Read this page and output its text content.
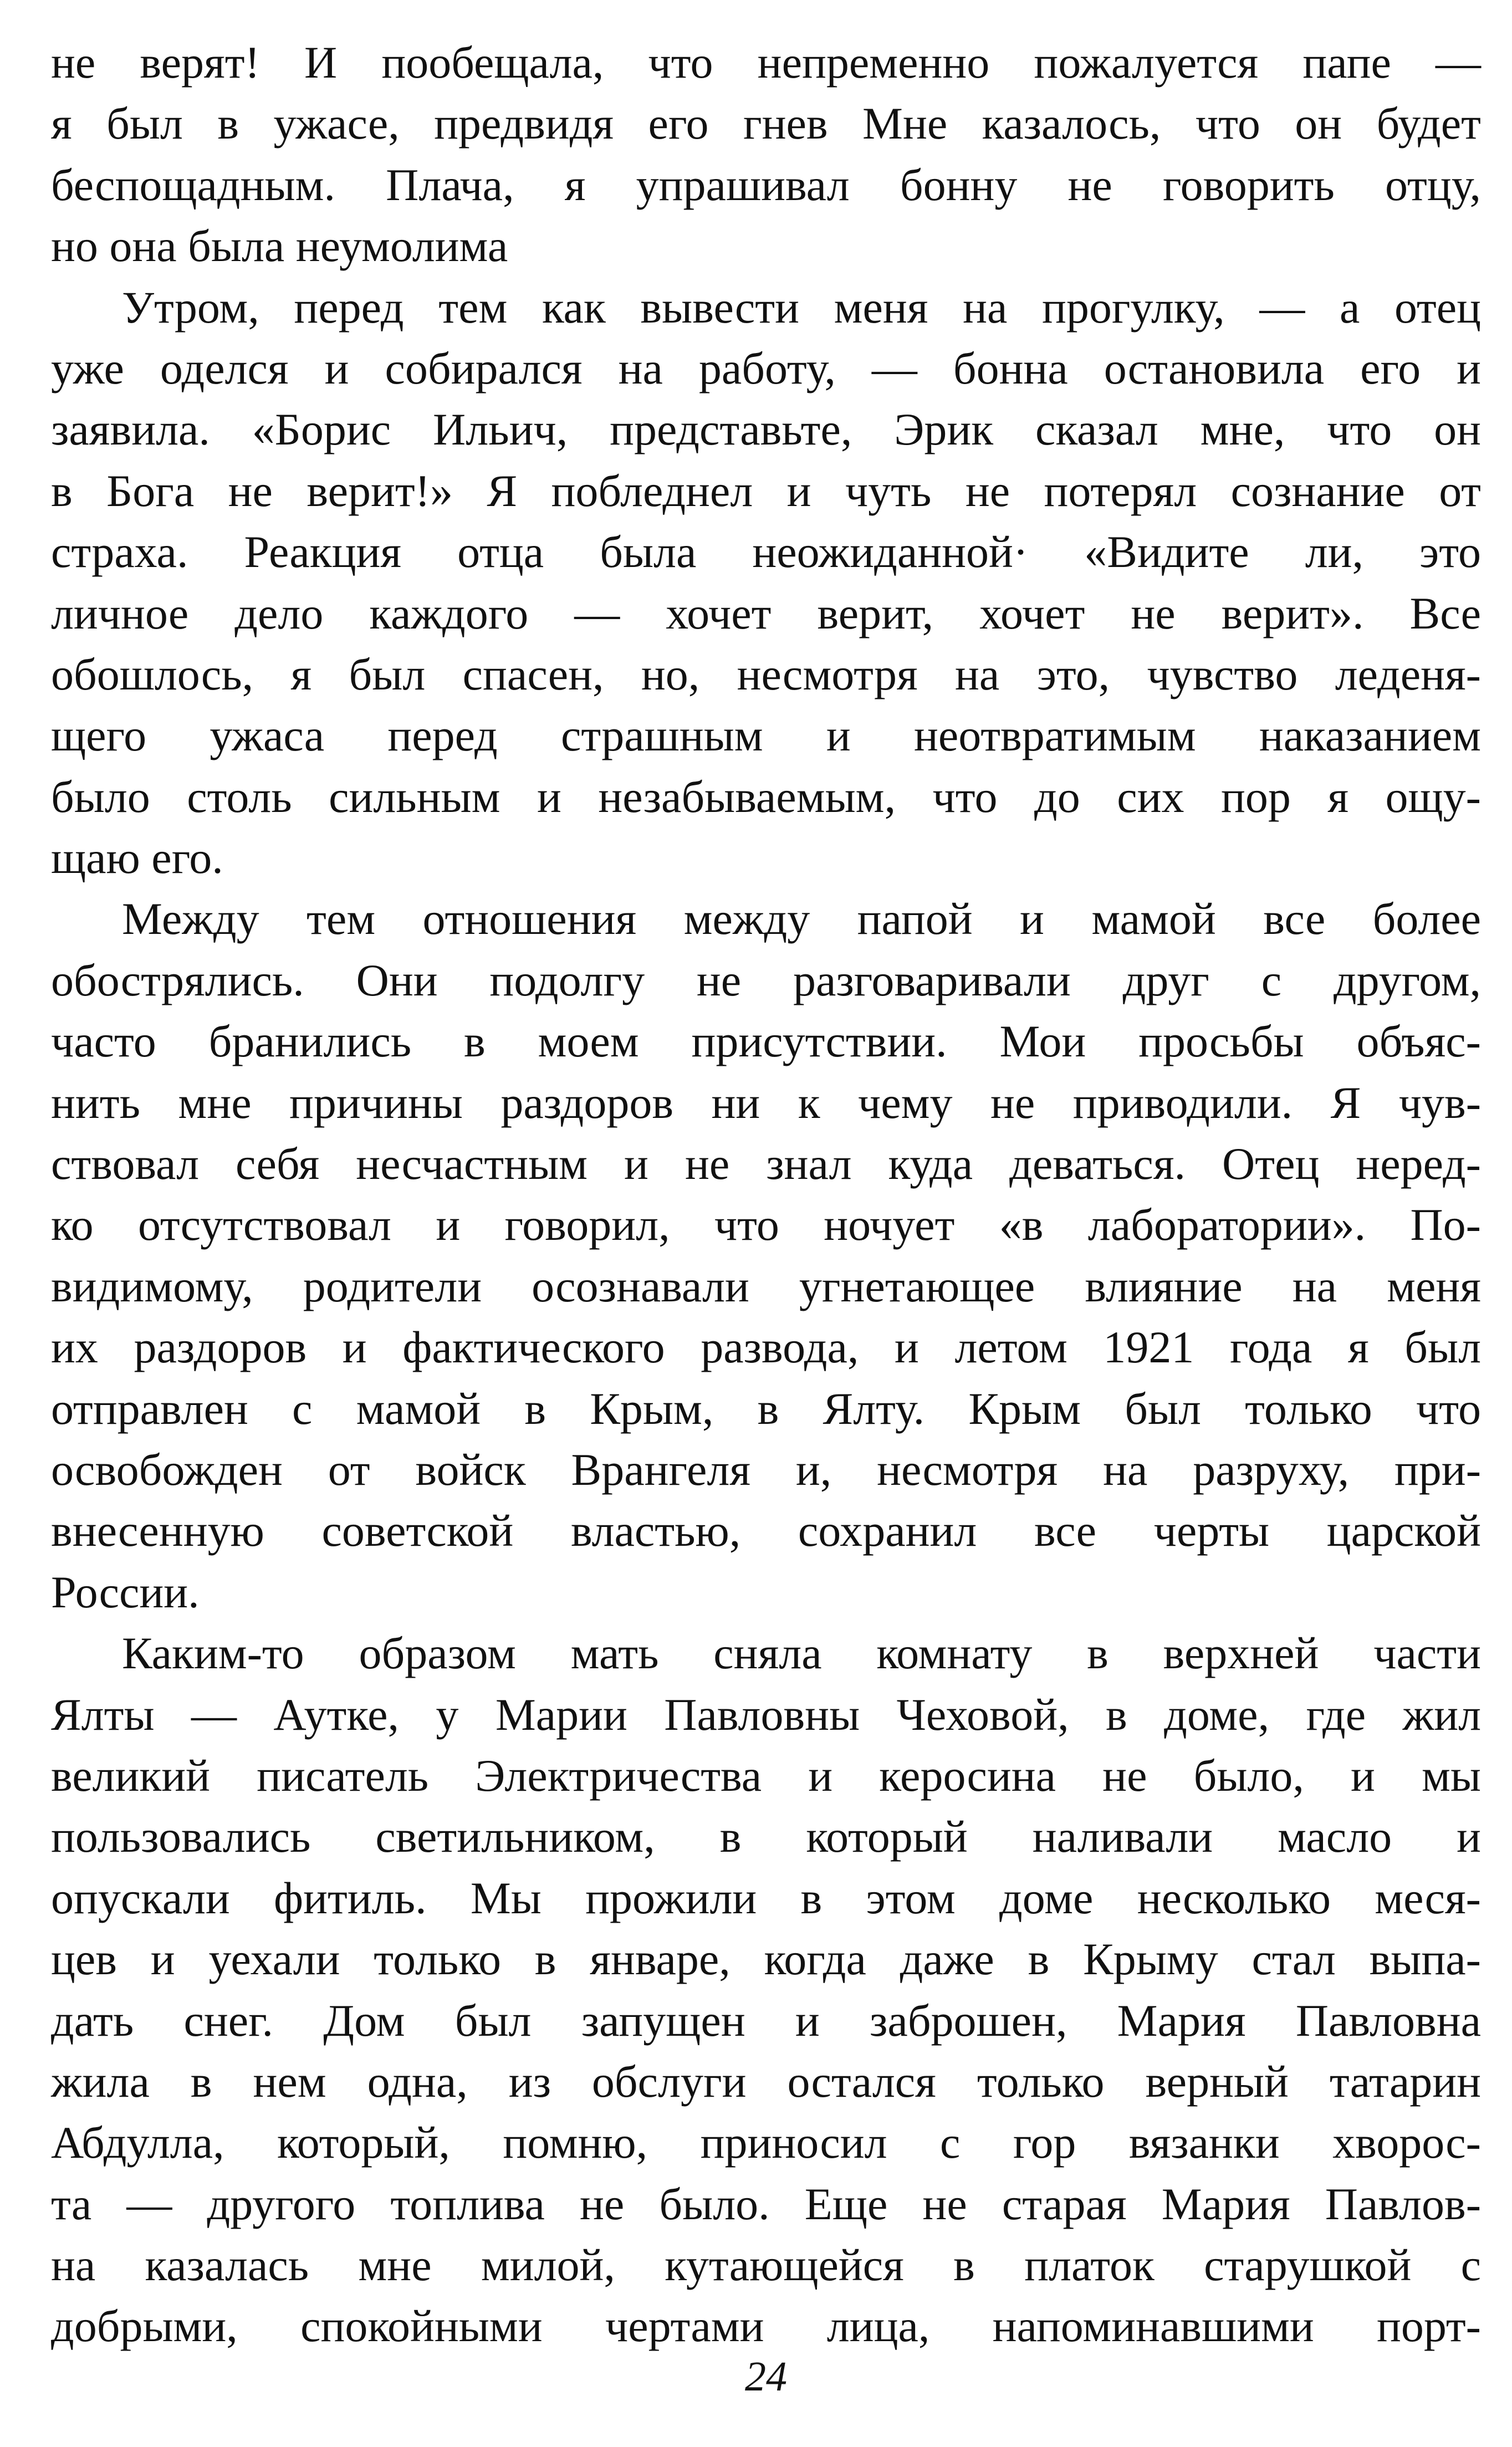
не верят! И пообещала, что непременно пожалуется папе —
я был в ужасе, предвидя его гнев Мне казалось, что он будет
беспощадным. Плача, я упрашивал бонну не говорить отцу,
но она была неумолима
Утром, перед тем как вывести меня на прогулку, — а отец
уже оделся и собирался на работу, — бонна остановила его и
заявила. «Борис Ильич, представьте, Эрик сказал мне, что он
в Бога не верит!» Я побледнел и чуть не потерял сознание от
страха. Реакция отца была неожиданной· «Видите ли, это
личное дело каждого — хочет верит, хочет не верит». Все
обошлось, я был спасен, но, несмотря на это, чувство леденя-
щего ужаса перед страшным и неотвратимым наказанием
было столь сильным и незабываемым, что до сих пор я ощу-
щаю его.
Между тем отношения между папой и мамой все более
обострялись. Они подолгу не разговаривали друг с другом,
часто бранились в моем присутствии. Мои просьбы объяс-
нить мне причины раздоров ни к чему не приводили. Я чув-
ствовал себя несчастным и не знал куда деваться. Отец неред-
ко отсутствовал и говорил, что ночует «в лаборатории». По-
видимому, родители осознавали угнетающее влияние на меня
их раздоров и фактического развода, и летом 1921 года я был
отправлен с мамой в Крым, в Ялту. Крым был только что
освобожден от войск Врангеля и, несмотря на разруху, при-
внесенную советской властью, сохранил все черты царской
России.
Каким-то образом мать сняла комнату в верхней части
Ялты — Аутке, у Марии Павловны Чеховой, в доме, где жил
великий писатель Электричества и керосина не было, и мы
пользовались светильником, в который наливали масло и
опускали фитиль. Мы прожили в этом доме несколько меся-
цев и уехали только в январе, когда даже в Крыму стал выпа-
дать снег. Дом был запущен и заброшен, Мария Павловна
жила в нем одна, из обслуги остался только верный татарин
Абдулла, который, помню, приносил с гор вязанки хворос-
та — другого топлива не было. Еще не старая Мария Павлов-
на казалась мне милой, кутающейся в платок старушкой с
добрыми, спокойными чертами лица, напоминавшими порт-
24
